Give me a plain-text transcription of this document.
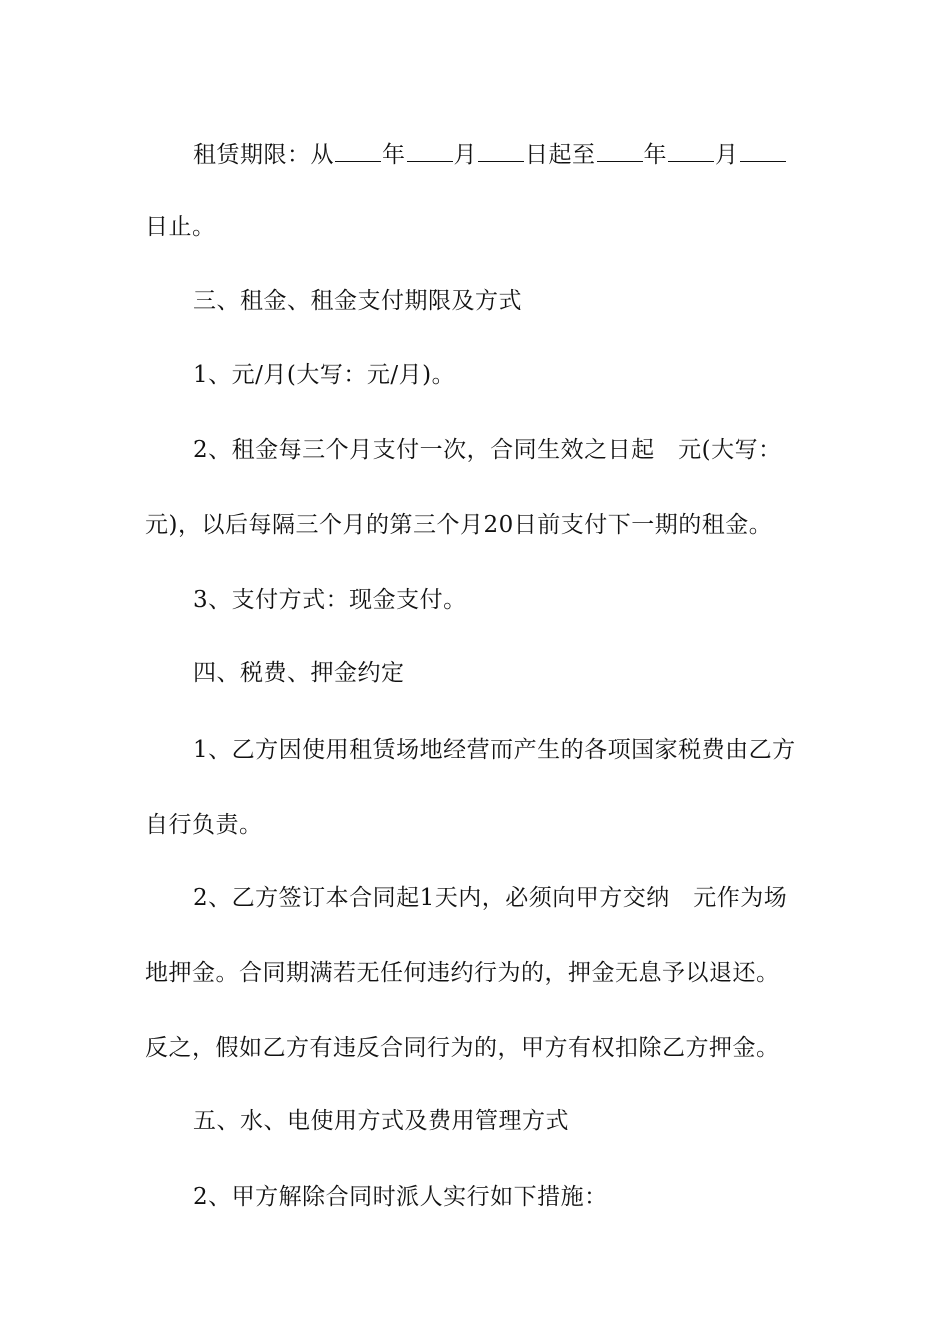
租赁期限：从 年 月 日起至 年 月
日止。
三、租金、租金支付期限及方式
1、元/月(大写：元/月)。
2、租金每三个月支付一次，合同生效之日起　元(大写：
元)，以后每隔三个月的第三个月20日前支付下一期的租金。
3、支付方式：现金支付。
四、税费、押金约定
1、乙方因使用租赁场地经营而产生的各项国家税费由乙方
自行负责。
2、乙方签订本合同起1天内，必须向甲方交纳　元作为场
地押金。合同期满若无任何违约行为的，押金无息予以退还。
反之，假如乙方有违反合同行为的，甲方有权扣除乙方押金。
五、水、电使用方式及费用管理方式
2、甲方解除合同时派人实行如下措施：
